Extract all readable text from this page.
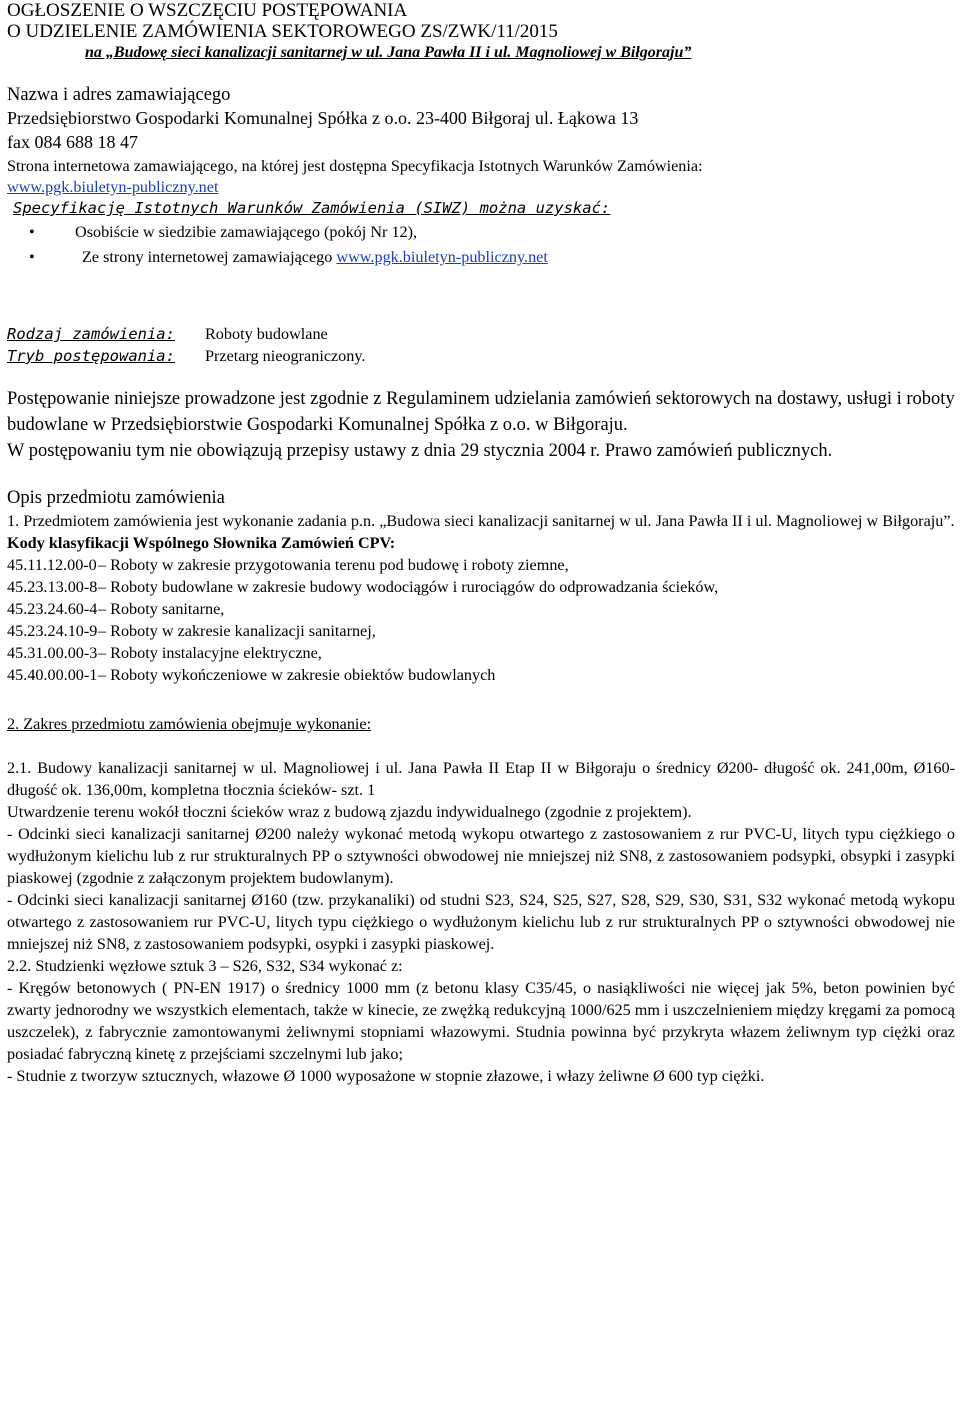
OGŁOSZENIE O WSZCZĘCIU POSTĘPOWANIA

O UDZIELENIE ZAMÓWIENIA SEKTOROWEGO ZS/ZWK/11/2015

na „Budowę sieci kanalizacji sanitarnej w ul. Jana Pawła II i ul. Magnoliowej w Biłgoraju”

Nazwa i adres zamawiającego

Przedsiębiorstwo Gospodarki Komunalnej Spółka z o.o. 23-400 Biłgoraj ul. Łąkowa 13

fax 084 688 18 47

Strona internetowa zamawiającego, na której jest dostępna Specyfikacja Istotnych Warunków Zamówienia:

www.pgk.biuletyn-publiczny.net

Specyfikację Istotnych Warunków Zamówienia (SIWZ) można uzyskać:

• Osobiście w siedzibie zamawiającego (pokój Nr 12),
•	Ze strony internetowej zamawiającego www.pgk.biuletyn-publiczny.net
Rodzaj zamówienia:	Roboty budowlane
Tryb postępowania:	Przetarg nieograniczony.

Postępowanie niniejsze prowadzone jest zgodnie z Regulaminem udzielania zamówień sektorowych na dostawy, usługi i roboty budowlane w Przedsiębiorstwie Gospodarki Komunalnej Spółka z o.o. w Biłgoraju.

W postępowaniu tym nie obowiązują przepisy ustawy z dnia 29 stycznia 2004 r. Prawo zamówień publicznych.

Opis przedmiotu zamówienia

1. Przedmiotem zamówienia jest wykonanie zadania p.n. „Budowa sieci kanalizacji sanitarnej w ul. Jana Pawła II i ul. Magnoliowej w Biłgoraju”.

Kody klasyfikacji Wspólnego Słownika Zamówień CPV:

45.11.12.00-0 – Roboty w zakresie przygotowania terenu pod budowę i roboty ziemne,
45.23.13.00-8 – Roboty budowlane w zakresie budowy wodociągów i rurociągów do odprowadzania ścieków,
45.23.24.60-4 – Roboty sanitarne,
45.23.24.10-9 – Roboty w zakresie kanalizacji sanitarnej,
45.31.00.00-3 – Roboty instalacyjne elektryczne,
45.40.00.00-1 – Roboty wykończeniowe w zakresie obiektów budowlanych

2. Zakres przedmiotu zamówienia obejmuje wykonanie:

2.1. Budowy kanalizacji sanitarnej w ul. Magnoliowej i ul. Jana Pawła II Etap II w Biłgoraju o średnicy Ø200- długość ok. 241,00m, Ø160- długość ok. 136,00m, kompletna tłocznia ścieków- szt. 1

Utwardzenie terenu wokół tłoczni ścieków wraz z budową zjazdu indywidualnego (zgodnie z projektem).

- Odcinki sieci kanalizacji sanitarnej Ø200 należy wykonać metodą wykopu otwartego z zastosowaniem z rur PVC-U, litych typu ciężkiego o wydłużonym kielichu lub z rur strukturalnych PP o sztywności obwodowej nie mniejszej niż SN8, z zastosowaniem podsypki, obsypki i zasypki piaskowej (zgodnie z załączonym projektem budowlanym).

- Odcinki sieci kanalizacji sanitarnej Ø160 (tzw. przykanaliki) od studni S23, S24, S25, S27, S28, S29, S30, S31, S32 wykonać metodą wykopu otwartego z zastosowaniem rur PVC-U, litych typu ciężkiego o wydłużonym kielichu lub z rur strukturalnych PP o sztywności obwodowej nie mniejszej niż SN8, z zastosowaniem podsypki, osypki i zasypki piaskowej.

2.2. Studzienki węzłowe sztuk 3 – S26, S32, S34 wykonać z:

- Kręgów betonowych ( PN-EN 1917) o średnicy 1000 mm (z betonu klasy C35/45, o nasiąkliwości nie więcej jak 5%, beton powinien być zwarty jednorodny we wszystkich elementach, także w kinecie, ze zwężką redukcyjną 1000/625 mm i uszczelnieniem między kręgami za pomocą uszczelek), z fabrycznie zamontowanymi żeliwnymi stopniami włazowymi. Studnia powinna być przykryta włazem żeliwnym typ ciężki oraz posiadać fabryczną kinetę z przejściami szczelnymi lub jako;

- Studnie z tworzyw sztucznych, włazowe Ø 1000 wyposażone w stopnie złazowe, i włazy żeliwne Ø 600 typ ciężki.
